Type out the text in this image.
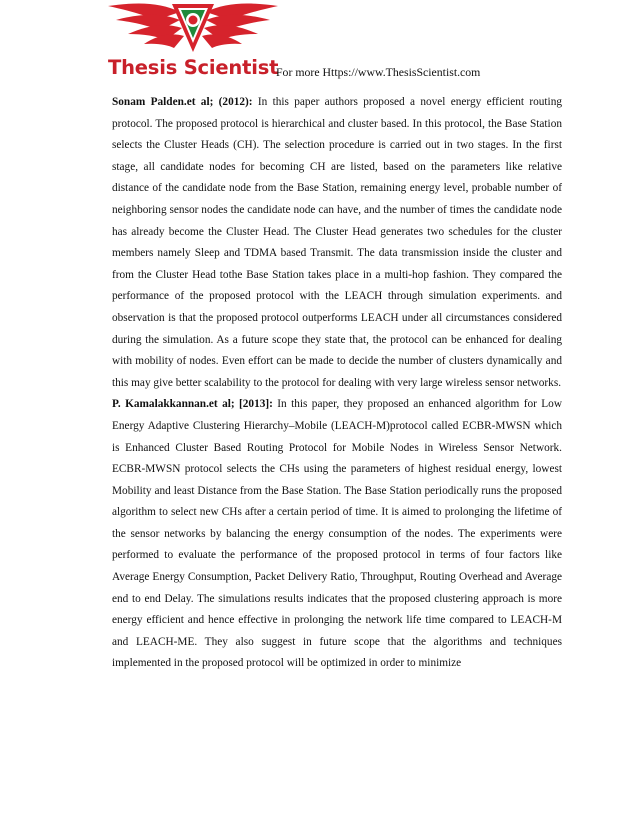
Thesis Scientist
For more Https://www.ThesisScientist.com

Sonam Palden.et al; (2012): In this paper authors proposed a novel energy efficient routing protocol. The proposed protocol is hierarchical and cluster based. In this protocol, the Base Station selects the Cluster Heads (CH). The selection procedure is carried out in two stages. In the first stage, all candidate nodes for becoming CH are listed, based on the parameters like relative distance of the candidate node from the Base Station, remaining energy level, probable number of neighboring sensor nodes the candidate node can have, and the number of times the candidate node has already become the Cluster Head. The Cluster Head generates two schedules for the cluster members namely Sleep and TDMA based Transmit. The data transmission inside the cluster and from the Cluster Head tothe Base Station takes place in a multi-hop fashion. They compared the performance of the proposed protocol with the LEACH through simulation experiments. and observation is that the proposed protocol outperforms LEACH under all circumstances considered during the simulation. As a future scope they state that, the protocol can be enhanced for dealing with mobility of nodes. Even effort can be made to decide the number of clusters dynamically and this may give better scalability to the protocol for dealing with very large wireless sensor networks.

P. Kamalakkannan.et al; [2013]: In this paper, they proposed an enhanced algorithm for Low Energy Adaptive Clustering Hierarchy–Mobile (LEACH-M)protocol called ECBR-MWSN which is Enhanced Cluster Based Routing Protocol for Mobile Nodes in Wireless Sensor Network. ECBR-MWSN protocol selects the CHs using the parameters of highest residual energy, lowest Mobility and least Distance from the Base Station. The Base Station periodically runs the proposed algorithm to select new CHs after a certain period of time. It is aimed to prolonging the lifetime of the sensor networks by balancing the energy consumption of the nodes. The experiments were performed to evaluate the performance of the proposed protocol in terms of four factors like Average Energy Consumption, Packet Delivery Ratio, Throughput, Routing Overhead and Average end to end Delay. The simulations results indicates that the proposed clustering approach is more energy efficient and hence effective in prolonging the network life time compared to LEACH-M and LEACH-ME. They also suggest in future scope that the algorithms and techniques implemented in the proposed protocol will be optimized in order to minimize
